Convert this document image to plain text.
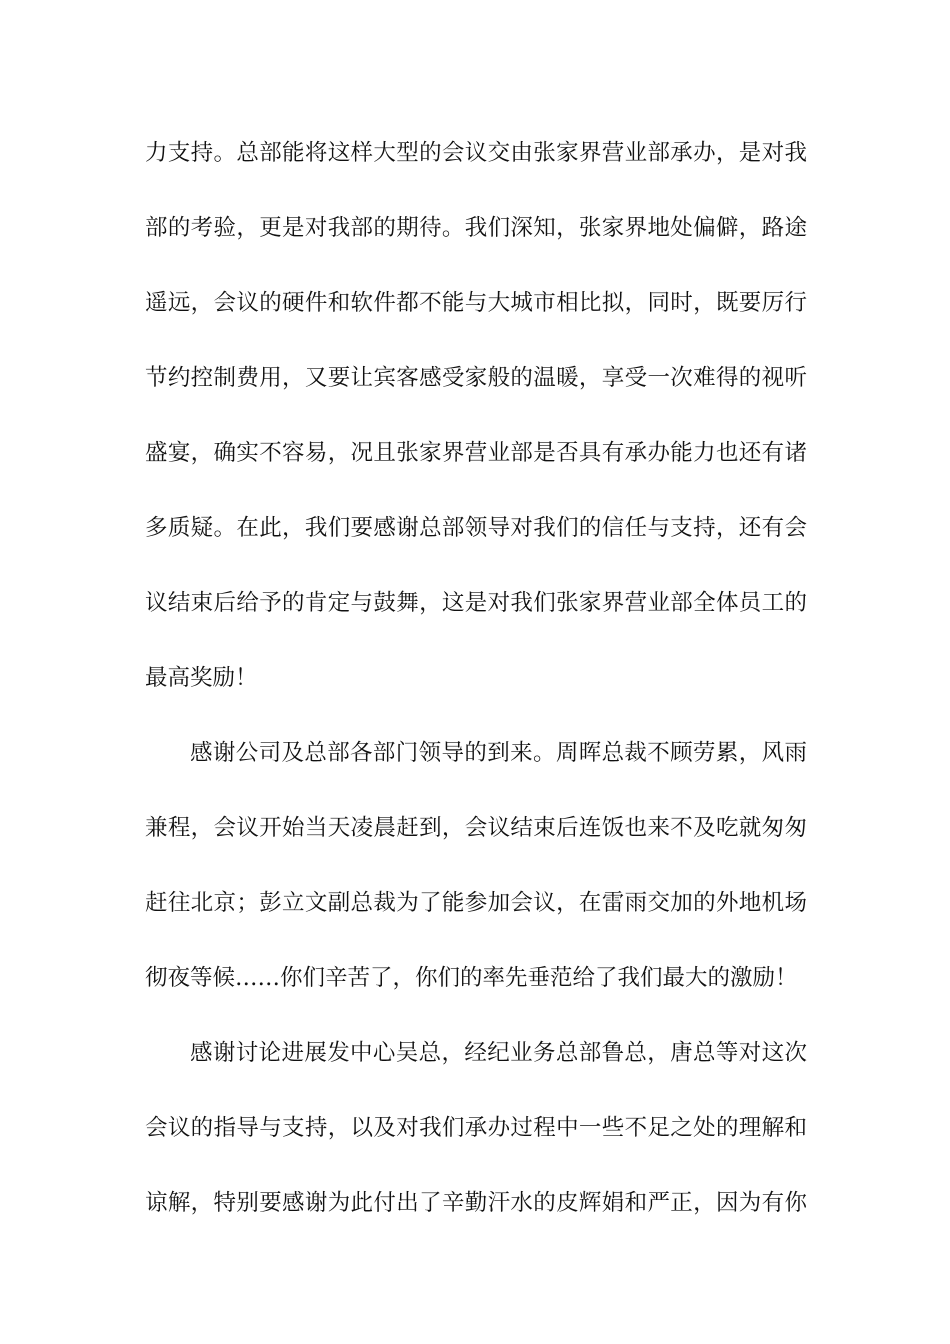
力支持。总部能将这样大型的会议交由张家界营业部承办，是对我
部的考验，更是对我部的期待。我们深知，张家界地处偏僻，路途
遥远，会议的硬件和软件都不能与大城市相比拟，同时，既要厉行
节约控制费用，又要让宾客感受家般的温暖，享受一次难得的视听
盛宴，确实不容易，况且张家界营业部是否具有承办能力也还有诸
多质疑。在此，我们要感谢总部领导对我们的信任与支持，还有会
议结束后给予的肯定与鼓舞，这是对我们张家界营业部全体员工的
最高奖励！
感谢公司及总部各部门领导的到来。周晖总裁不顾劳累，风雨
兼程，会议开始当天凌晨赶到，会议结束后连饭也来不及吃就匆匆
赶往北京；彭立文副总裁为了能参加会议，在雷雨交加的外地机场
彻夜等候……你们辛苦了，你们的率先垂范给了我们最大的激励！
感谢讨论进展发中心吴总，经纪业务总部鲁总，唐总等对这次
会议的指导与支持，以及对我们承办过程中一些不足之处的理解和
谅解，特别要感谢为此付出了辛勤汗水的皮辉娟和严正，因为有你
